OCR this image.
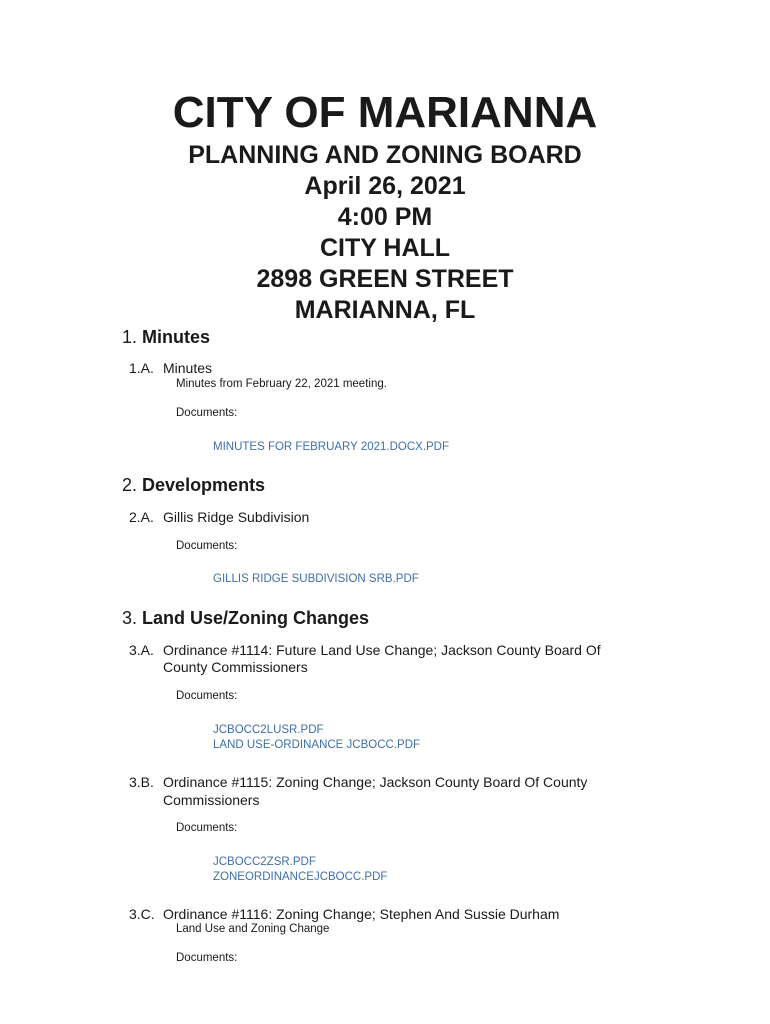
CITY OF MARIANNA
PLANNING AND ZONING BOARD
April 26, 2021
4:00 PM
CITY HALL
2898 GREEN STREET
MARIANNA, FL
1. Minutes
1.A. Minutes
Minutes from February 22, 2021 meeting.
Documents:
MINUTES FOR FEBRUARY 2021.DOCX.PDF
2. Developments
2.A. Gillis Ridge Subdivision
Documents:
GILLIS RIDGE SUBDIVISION SRB.PDF
3. Land Use/Zoning Changes
3.A. Ordinance #1114: Future Land Use Change; Jackson County Board Of
County Commissioners
Documents:
JCBOCC2LUSR.PDF
LAND USE-ORDINANCE JCBOCC.PDF
3.B. Ordinance #1115: Zoning Change; Jackson County Board Of County
Commissioners
Documents:
JCBOCC2ZSR.PDF
ZONEORDINANCEJCBOCC.PDF
3.C. Ordinance #1116: Zoning Change; Stephen And Sussie Durham
Land Use and Zoning Change
Documents:
